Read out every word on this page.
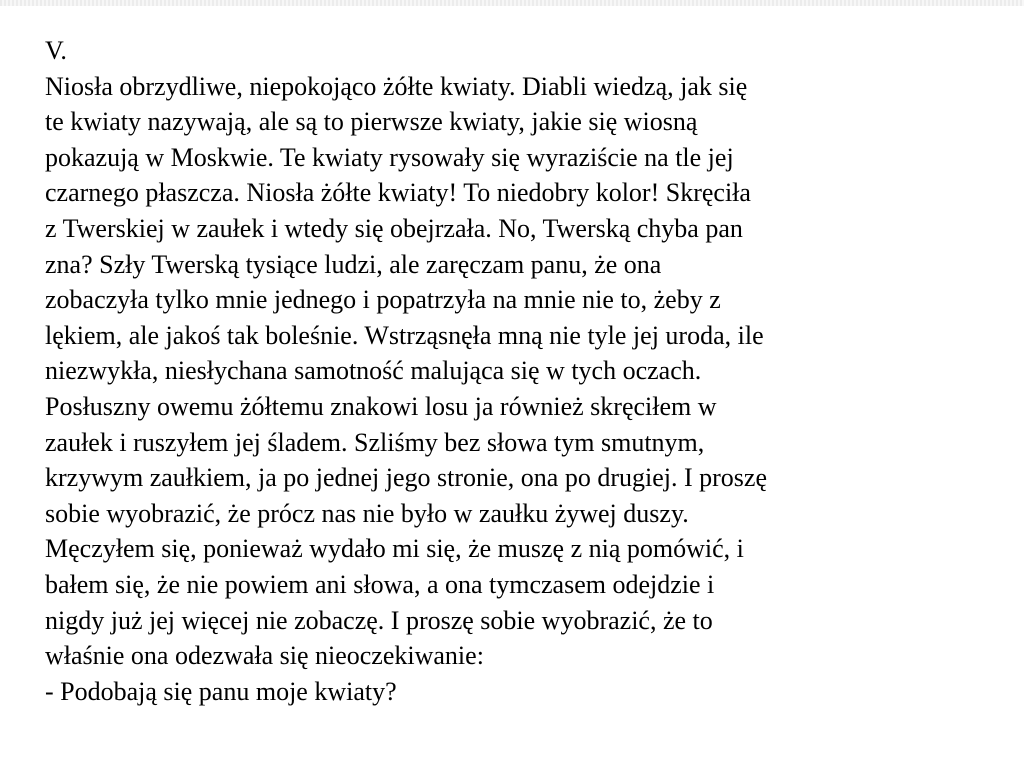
V.
Niosła obrzydliwe, niepokojąco żółte kwiaty. Diabli wiedzą, jak się
te kwiaty nazywają, ale są to pierwsze kwiaty, jakie się wiosną
pokazują w Moskwie. Te kwiaty rysowały się wyraziście na tle jej
czarnego płaszcza. Niosła żółte kwiaty! To niedobry kolor! Skręciła
z Twerskiej w zaułek i wtedy się obejrzała. No, Twerską chyba pan
zna? Szły Twerską tysiące ludzi, ale zaręczam panu, że ona
zobaczyła tylko mnie jednego i popatrzyła na mnie nie to, żeby z
lękiem, ale jakoś tak boleśnie. Wstrząsnęła mną nie tyle jej uroda, ile
niezwykła, niesłychana samotność malująca się w tych oczach.
Posłuszny owemu żółtemu znakowi losu ja również skręciłem w
zaułek i ruszyłem jej śladem. Szliśmy bez słowa tym smutnym,
krzywym zaułkiem, ja po jednej jego stronie, ona po drugiej. I proszę
sobie wyobrazić, że prócz nas nie było w zaułku żywej duszy.
Męczyłem się, ponieważ wydało mi się, że muszę z nią pomówić, i
bałem się, że nie powiem ani słowa, a ona tymczasem odejdzie i
nigdy już jej więcej nie zobaczę. I proszę sobie wyobrazić, że to
właśnie ona odezwała się nieoczekiwanie:
- Podobają się panu moje kwiaty?
